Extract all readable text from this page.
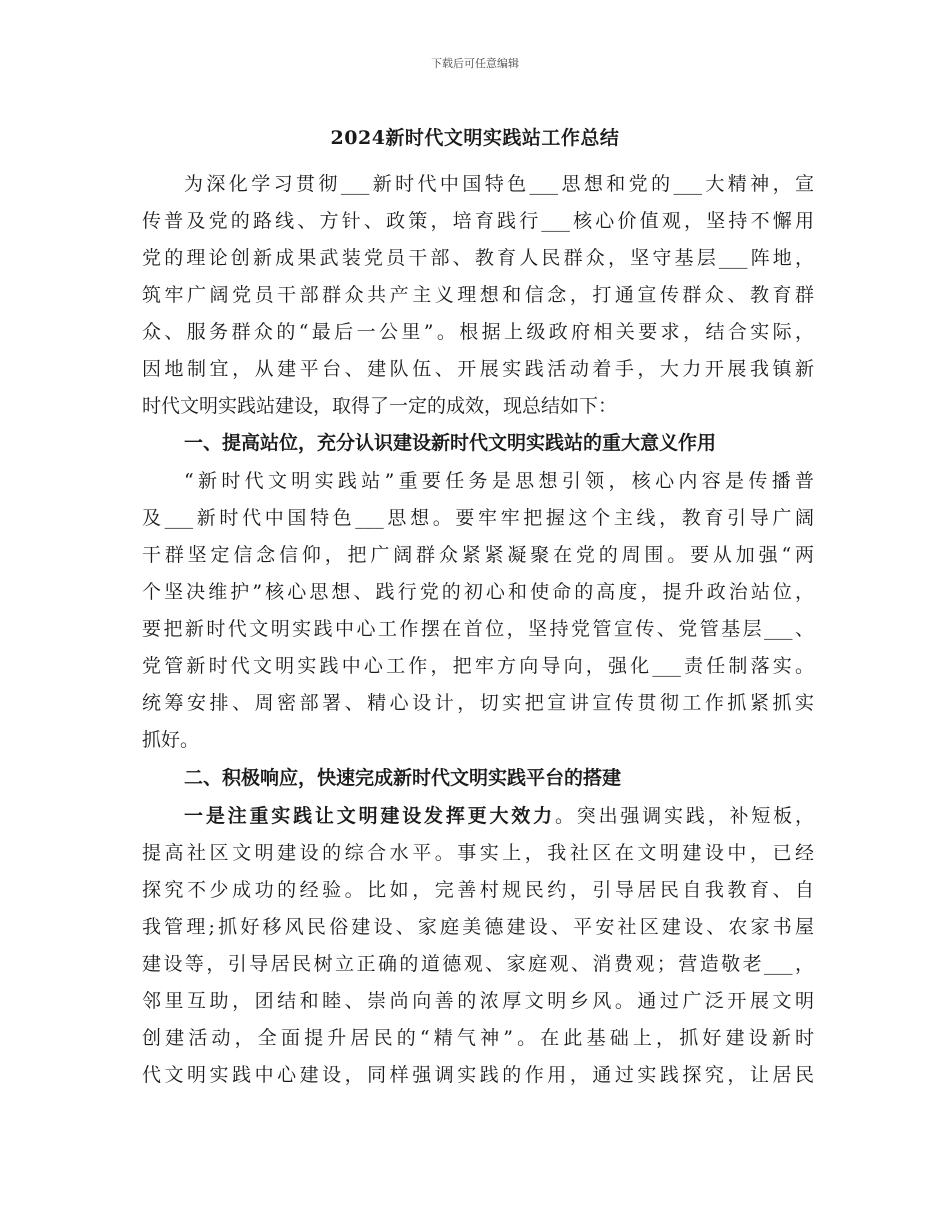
下载后可任意编辑
2024新时代文明实践站工作总结
为深化学习贯彻___新时代中国特色___思想和党的___大精神，宣
传普及党的路线、方针、政策，培育践行___核心价值观，坚持不懈用
党的理论创新成果武装党员干部、教育人民群众，坚守基层___阵地，
筑牢广阔党员干部群众共产主义理想和信念，打通宣传群众、教育群
众、服务群众的“最后一公里”。根据上级政府相关要求，结合实际，
因地制宜，从建平台、建队伍、开展实践活动着手，大力开展我镇新
时代文明实践站建设，取得了一定的成效，现总结如下：
一、提高站位，充分认识建设新时代文明实践站的重大意义作用
“新时代文明实践站”重要任务是思想引领，核心内容是传播普
及___新时代中国特色___思想。要牢牢把握这个主线，教育引导广阔
干群坚定信念信仰，把广阔群众紧紧凝聚在党的周围。要从加强“两
个坚决维护”核心思想、践行党的初心和使命的高度，提升政治站位，
要把新时代文明实践中心工作摆在首位，坚持党管宣传、党管基层___、
党管新时代文明实践中心工作，把牢方向导向，强化___责任制落实。
统筹安排、周密部署、精心设计，切实把宣讲宣传贯彻工作抓紧抓实
抓好。
二、积极响应，快速完成新时代文明实践平台的搭建
一是注重实践让文明建设发挥更大效力。突出强调实践，补短板，
提高社区文明建设的综合水平。事实上，我社区在文明建设中，已经
探究不少成功的经验。比如，完善村规民约，引导居民自我教育、自
我管理;抓好移风民俗建设、家庭美德建设、平安社区建设、农家书屋
建设等，引导居民树立正确的道德观、家庭观、消费观；营造敬老___，
邻里互助，团结和睦、崇尚向善的浓厚文明乡风。通过广泛开展文明
创建活动，全面提升居民的“精气神”。在此基础上，抓好建设新时
代文明实践中心建设，同样强调实践的作用，通过实践探究，让居民
